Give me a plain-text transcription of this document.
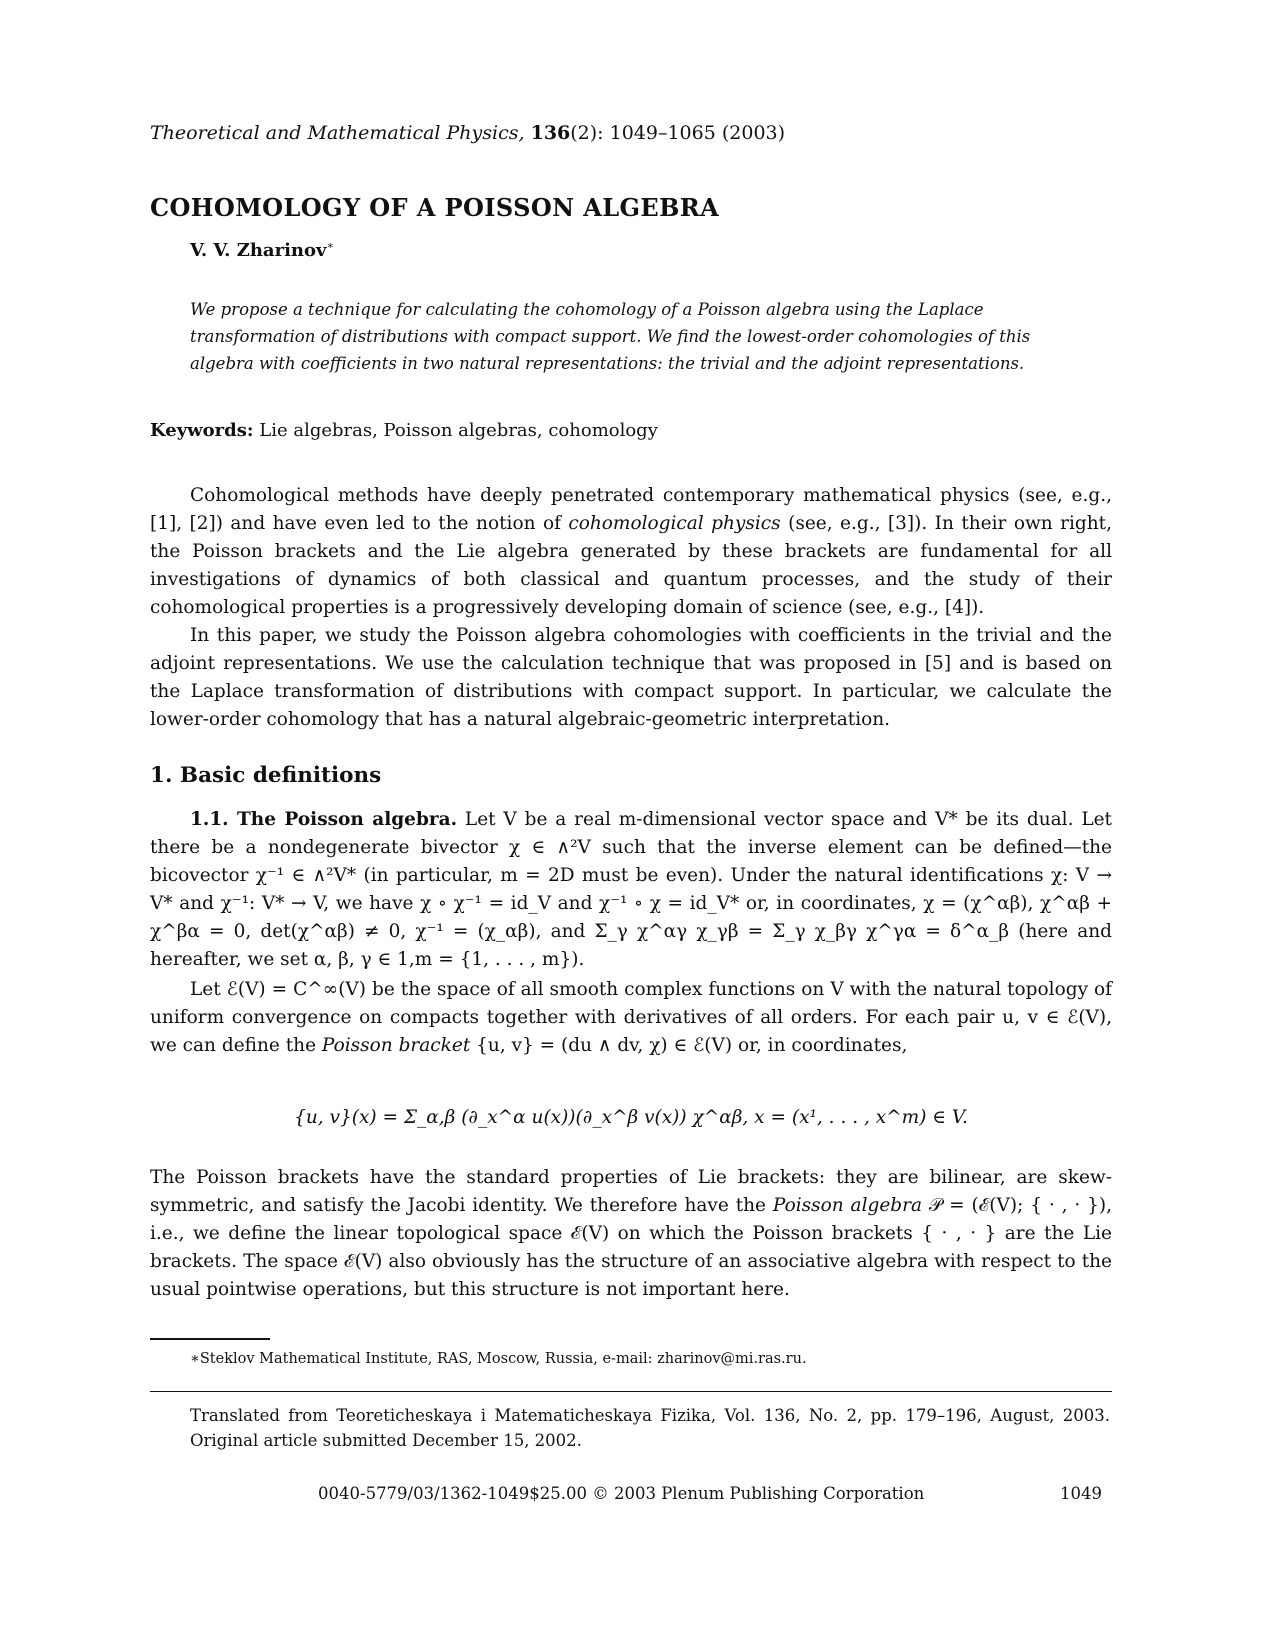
Theoretical and Mathematical Physics, 136(2): 1049–1065 (2003)
COHOMOLOGY OF A POISSON ALGEBRA
V. V. Zharinov∗
We propose a technique for calculating the cohomology of a Poisson algebra using the Laplace transformation of distributions with compact support. We find the lowest-order cohomologies of this algebra with coefficients in two natural representations: the trivial and the adjoint representations.
Keywords: Lie algebras, Poisson algebras, cohomology
Cohomological methods have deeply penetrated contemporary mathematical physics (see, e.g., [1], [2]) and have even led to the notion of cohomological physics (see, e.g., [3]). In their own right, the Poisson brackets and the Lie algebra generated by these brackets are fundamental for all investigations of dynamics of both classical and quantum processes, and the study of their cohomological properties is a progressively developing domain of science (see, e.g., [4]).
In this paper, we study the Poisson algebra cohomologies with coefficients in the trivial and the adjoint representations. We use the calculation technique that was proposed in [5] and is based on the Laplace transformation of distributions with compact support. In particular, we calculate the lower-order cohomology that has a natural algebraic-geometric interpretation.
1. Basic definitions
1.1. The Poisson algebra. Let V be a real m-dimensional vector space and V* be its dual. Let there be a nondegenerate bivector χ ∈ ∧²V such that the inverse element can be defined—the bicovector χ⁻¹ ∈ ∧²V* (in particular, m = 2D must be even). Under the natural identifications χ: V → V* and χ⁻¹: V* → V, we have χ ∘ χ⁻¹ = id_V and χ⁻¹ ∘ χ = id_V* or, in coordinates, χ = (χ^αβ), χ^αβ + χ^βα = 0, det(χ^αβ) ≠ 0, χ⁻¹ = (χ_αβ), and Σ_γ χ^αγ χ_γβ = Σ_γ χ_βγ χ^γα = δ^α_β (here and hereafter, we set α, β, γ ∈ 1,m = {1, . . . , m}).
Let ℰ(V) = C^∞(V) be the space of all smooth complex functions on V with the natural topology of uniform convergence on compacts together with derivatives of all orders. For each pair u, v ∈ ℰ(V), we can define the Poisson bracket {u, v} = (du ∧ dv, χ) ∈ ℰ(V) or, in coordinates,
{u, v}(x) = Σ_α,β (∂_x^α u(x))(∂_x^β v(x)) χ^αβ, x = (x¹, . . . , x^m) ∈ V.
The Poisson brackets have the standard properties of Lie brackets: they are bilinear, are skew-symmetric, and satisfy the Jacobi identity. We therefore have the Poisson algebra 𝒫 = (ℰ(V); { · , · }), i.e., we define the linear topological space ℰ(V) on which the Poisson brackets { · , · } are the Lie brackets. The space ℰ(V) also obviously has the structure of an associative algebra with respect to the usual pointwise operations, but this structure is not important here.
∗Steklov Mathematical Institute, RAS, Moscow, Russia, e-mail: zharinov@mi.ras.ru.
Translated from Teoreticheskaya i Matematicheskaya Fizika, Vol. 136, No. 2, pp. 179–196, August, 2003. Original article submitted December 15, 2002.
0040-5779/03/1362-1049$25.00 © 2003 Plenum Publishing Corporation	1049
